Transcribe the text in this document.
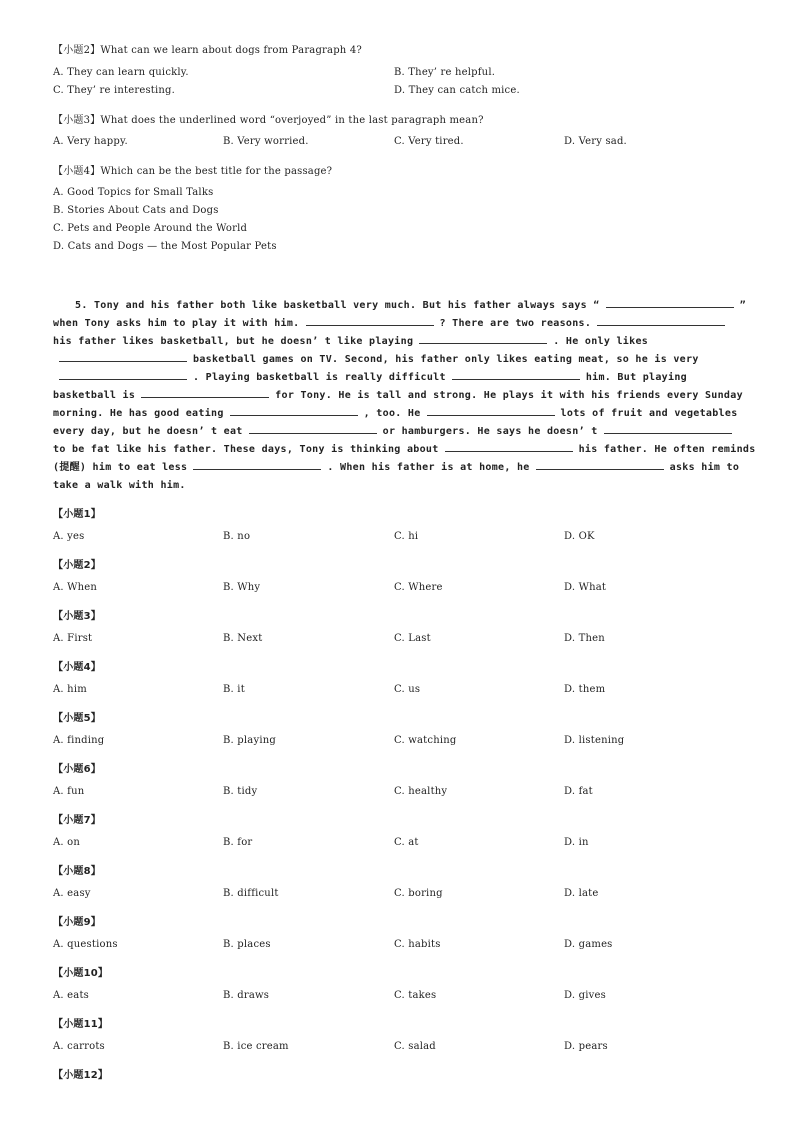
【小题2】What can we learn about dogs from Paragraph 4?
A. They can learn quickly.	B. They’ re helpful.
C. They’ re interesting.	D. They can catch mice.
【小题3】What does the underlined word “overjoyed” in the last paragraph mean?
A. Very happy.	B. Very worried.	C. Very tired.	D. Very sad.
【小题4】Which can be the best title for the passage?
A. Good Topics for Small Talks
B. Stories About Cats and Dogs
C. Pets and People Around the World
D. Cats and Dogs — the Most Popular Pets
5. Tony and his father both like basketball very much. But his father always says “	”
when Tony asks him to play it with him.	? There are two reasons.
his father likes basketball, but he doesn’ t like playing	. He only likes
basketball games on TV. Second, his father only likes eating meat, so he is very
. Playing basketball is really difficult	him. But playing
basketball is	for Tony. He is tall and strong. He plays it with his friends every Sunday
morning. He has good eating	, too. He	lots of fruit and vegetables
every day, but he doesn’ t eat	or hamburgers. He says he doesn’ t
to be fat like his father. These days, Tony is thinking about	his father. He often reminds
(提醒) him to eat less	. When his father is at home, he	asks him to
take a walk with him.
【小题1】
A. yes	B. no	C. hi	D. OK
【小题2】
A. When	B. Why	C. Where	D. What
【小题3】
A. First	B. Next	C. Last	D. Then
【小题4】
A. him	B. it	C. us	D. them
【小题5】
A. finding	B. playing	C. watching	D. listening
【小题6】
A. fun	B. tidy	C. healthy	D. fat
【小题7】
A. on	B. for	C. at	D. in
【小题8】
A. easy	B. difficult	C. boring	D. late
【小题9】
A. questions	B. places	C. habits	D. games
【小题10】
A. eats	B. draws	C. takes	D. gives
【小题11】
A. carrots	B. ice cream	C. salad	D. pears
【小题12】
